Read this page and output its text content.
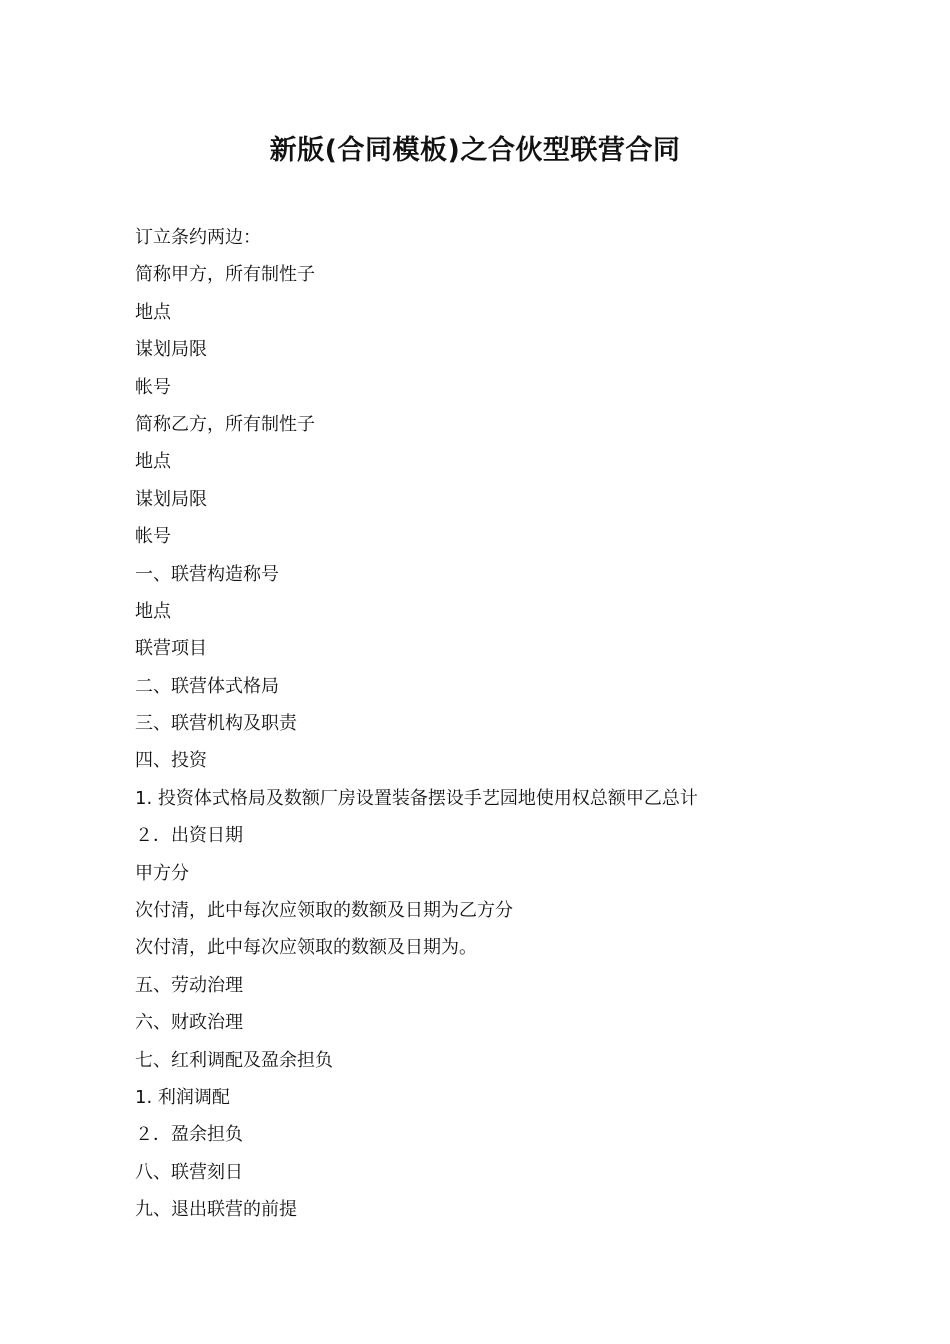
新版(合同模板)之合伙型联营合同
订立条约两边：
简称甲方，所有制性子
地点
谋划局限
帐号
简称乙方，所有制性子
地点
谋划局限
帐号
一、联营构造称号
地点
联营项目
二、联营体式格局
三、联营机构及职责
四、投资
1. 投资体式格局及数额厂房设置装备摆设手艺园地使用权总额甲乙总计
２．出资日期
甲方分
次付清，此中每次应领取的数额及日期为乙方分
次付清，此中每次应领取的数额及日期为。
五、劳动治理
六、财政治理
七、红利调配及盈余担负
1. 利润调配
２．盈余担负
八、联营刻日
九、退出联营的前提
